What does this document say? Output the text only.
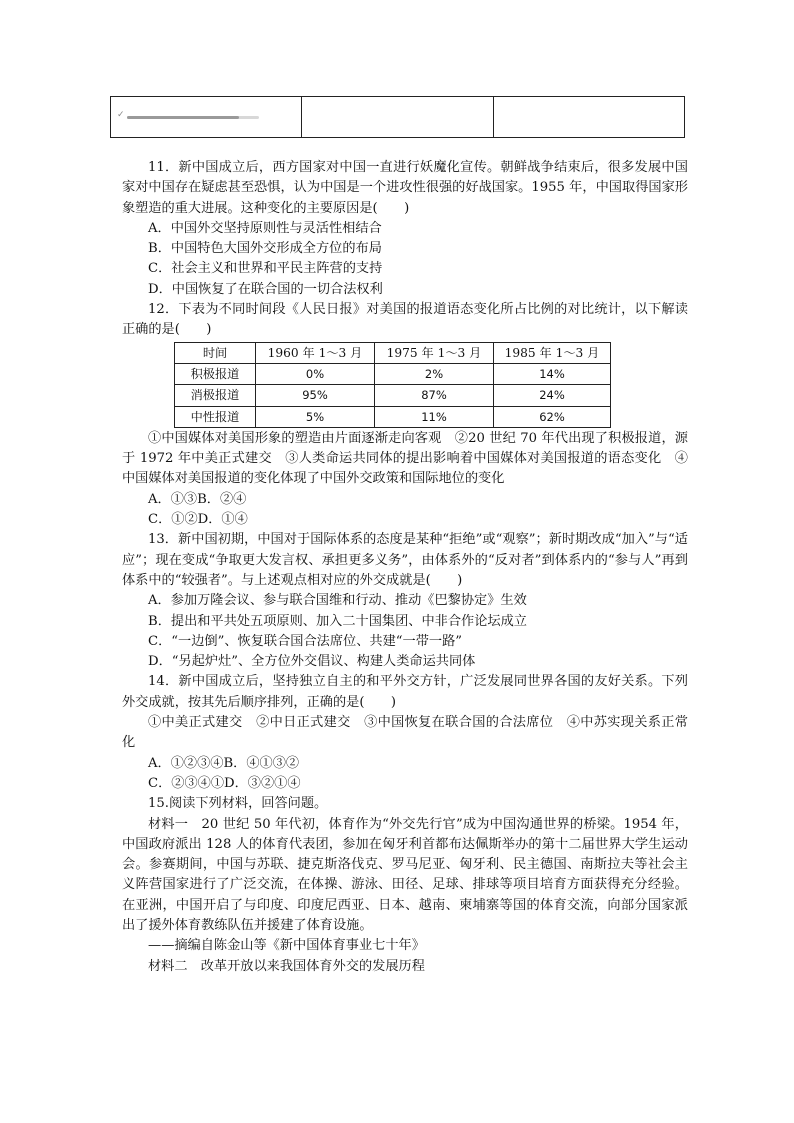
✓

11．新中国成立后，西方国家对中国一直进行妖魔化宣传。朝鲜战争结束后，很多发展中国家对中国存在疑虑甚至恐惧，认为中国是一个进攻性很强的好战国家。1955 年，中国取得国家形象塑造的重大进展。这种变化的主要原因是(　　)

A．中国外交坚持原则性与灵活性相结合

B．中国特色大国外交形成全方位的布局

C．社会主义和世界和平民主阵营的支持

D．中国恢复了在联合国的一切合法权利

12．下表为不同时间段《人民日报》对美国的报道语态变化所占比例的对比统计，以下解读正确的是(　　)

时间	1960 年 1～3 月	1975 年 1～3 月	1985 年 1～3 月
积极报道	0%	2%	14%
消极报道	95%	87%	24%
中性报道	5%	11%	62%

①中国媒体对美国形象的塑造由片面逐渐走向客观　②20 世纪 70 年代出现了积极报道，源于 1972 年中美正式建交　③人类命运共同体的提出影响着中国媒体对美国报道的语态变化　④中国媒体对美国报道的变化体现了中国外交政策和国际地位的变化

A．①③B．②④

C．①②D．①④

13．新中国初期，中国对于国际体系的态度是某种“拒绝”或“观察”；新时期改成“加入”与“适应”；现在变成“争取更大发言权、承担更多义务”，由体系外的“反对者”到体系内的“参与人”再到体系中的“较强者”。与上述观点相对应的外交成就是(　　)

A．参加万隆会议、参与联合国维和行动、推动《巴黎协定》生效

B．提出和平共处五项原则、加入二十国集团、中非合作论坛成立

C．“一边倒”、恢复联合国合法席位、共建“一带一路”

D．“另起炉灶”、全方位外交倡议、构建人类命运共同体

14．新中国成立后，坚持独立自主的和平外交方针，广泛发展同世界各国的友好关系。下列外交成就，按其先后顺序排列，正确的是(　　)

①中美正式建交　②中日正式建交　③中国恢复在联合国的合法席位　④中苏实现关系正常化

A．①②③④B．④①③②

C．②③④①D．③②①④

15.阅读下列材料，回答问题。

材料一　20 世纪 50 年代初，体育作为“外交先行官”成为中国沟通世界的桥梁。1954 年，中国政府派出 128 人的体育代表团，参加在匈牙利首都布达佩斯举办的第十二届世界大学生运动会。参赛期间，中国与苏联、捷克斯洛伐克、罗马尼亚、匈牙利、民主德国、南斯拉夫等社会主义阵营国家进行了广泛交流，在体操、游泳、田径、足球、排球等项目培育方面获得充分经验。在亚洲，中国开启了与印度、印度尼西亚、日本、越南、柬埔寨等国的体育交流，向部分国家派出了援外体育教练队伍并援建了体育设施。

——摘编自陈金山等《新中国体育事业七十年》

材料二　改革开放以来我国体育外交的发展历程
